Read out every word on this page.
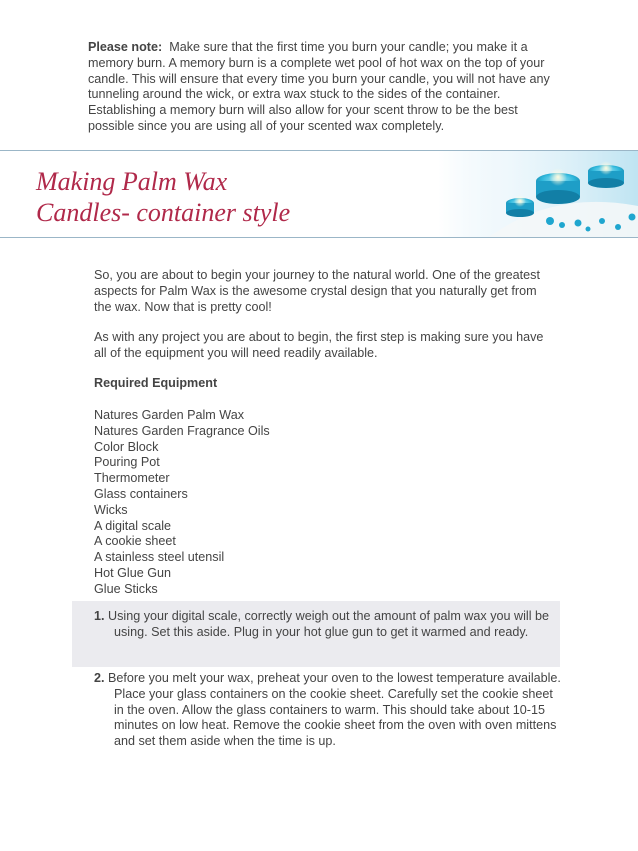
Please note: Make sure that the first time you burn your candle; you make it a memory burn. A memory burn is a complete wet pool of hot wax on the top of your candle. This will ensure that every time you burn your candle, you will not have any tunneling around the wick, or extra wax stuck to the sides of the container. Establishing a memory burn will also allow for your scent throw to be the best possible since you are using all of your scented wax completely.
Making Palm Wax
Candles- container style
So, you are about to begin your journey to the natural world. One of the greatest aspects for Palm Wax is the awesome crystal design that you naturally get from the wax. Now that is pretty cool!
As with any project you are about to begin, the first step is making sure you have all of the equipment you will need readily available.
Required Equipment
Natures Garden Palm Wax
Natures Garden Fragrance Oils
Color Block
Pouring Pot
Thermometer
Glass containers
Wicks
A digital scale
A cookie sheet
A stainless steel utensil
Hot Glue Gun
Glue Sticks
1. Using your digital scale, correctly weigh out the amount of palm wax you will be using. Set this aside. Plug in your hot glue gun to get it warmed and ready.
2. Before you melt your wax, preheat your oven to the lowest temperature available. Place your glass containers on the cookie sheet. Carefully set the cookie sheet in the oven. Allow the glass containers to warm. This should take about 10-15 minutes on low heat. Remove the cookie sheet from the oven with oven mittens and set them aside when the time is up.
